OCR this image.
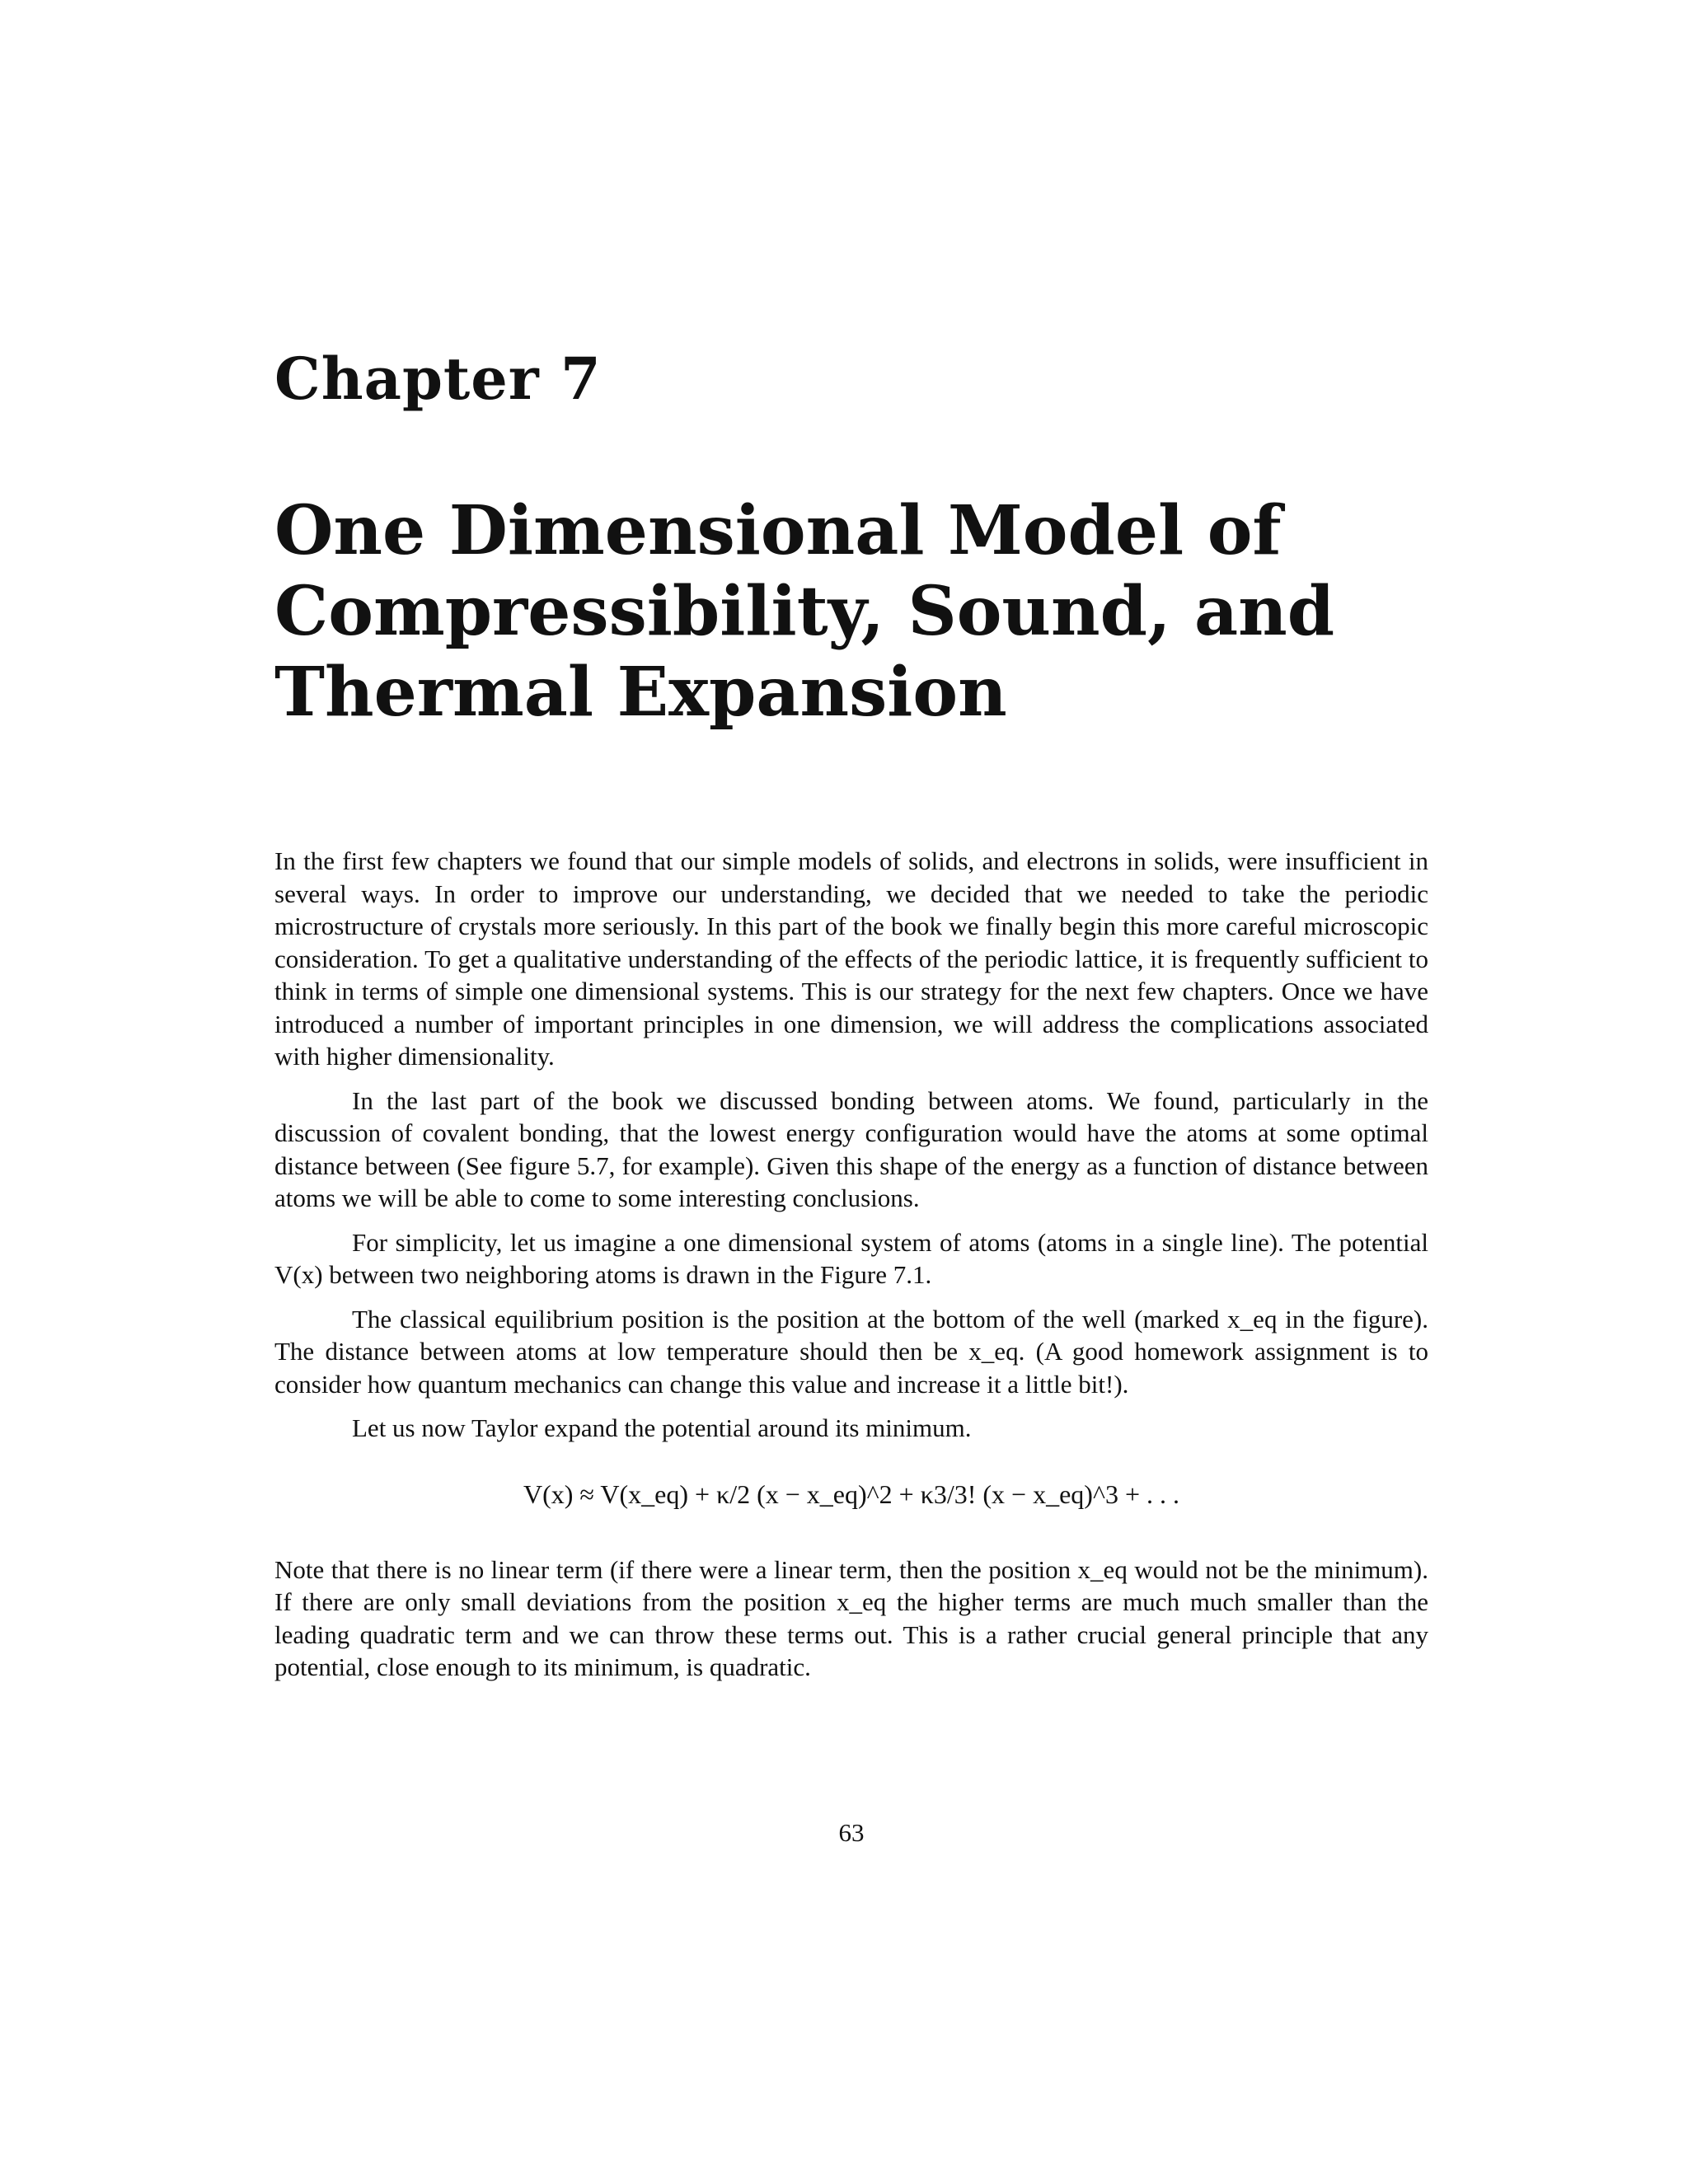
Chapter 7
One Dimensional Model of
Compressibility, Sound, and
Thermal Expansion

In the first few chapters we found that our simple models of solids, and electrons in solids, were insufficient in several ways. In order to improve our understanding, we decided that we needed to take the periodic microstructure of crystals more seriously. In this part of the book we finally begin this more careful microscopic consideration. To get a qualitative understanding of the effects of the periodic lattice, it is frequently sufficient to think in terms of simple one dimensional systems. This is our strategy for the next few chapters. Once we have introduced a number of important principles in one dimension, we will address the complications associated with higher dimensionality.

In the last part of the book we discussed bonding between atoms. We found, particularly in the discussion of covalent bonding, that the lowest energy configuration would have the atoms at some optimal distance between (See figure 5.7, for example). Given this shape of the energy as a function of distance between atoms we will be able to come to some interesting conclusions.

For simplicity, let us imagine a one dimensional system of atoms (atoms in a single line). The potential V(x) between two neighboring atoms is drawn in the Figure 7.1.

The classical equilibrium position is the position at the bottom of the well (marked x_eq in the figure). The distance between atoms at low temperature should then be x_eq. (A good homework assignment is to consider how quantum mechanics can change this value and increase it a little bit!).

Let us now Taylor expand the potential around its minimum.

V(x) ≈ V(x_eq) + κ/2 (x − x_eq)^2 + κ3/3! (x − x_eq)^3 + . . .

Note that there is no linear term (if there were a linear term, then the position x_eq would not be the minimum). If there are only small deviations from the position x_eq the higher terms are much much smaller than the leading quadratic term and we can throw these terms out. This is a rather crucial general principle that any potential, close enough to its minimum, is quadratic.

63
